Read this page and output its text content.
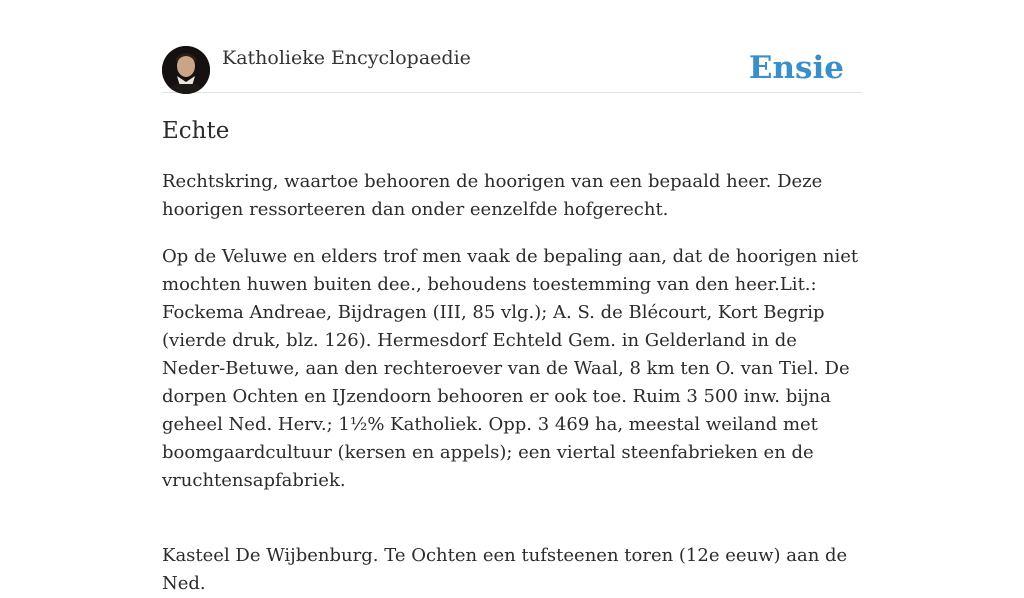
Katholieke Encyclopaedie	Ensie
Echte

Rechtskring, waartoe behooren de hoorigen van een bepaald heer. Deze hoorigen ressorteeren dan onder eenzelfde hofgerecht.

Op de Veluwe en elders trof men vaak de bepaling aan, dat de hoorigen niet mochten huwen buiten dee., behoudens toestemming van den heer.Lit.: Fockema Andreae, Bijdragen (III, 85 vlg.); A. S. de Blécourt, Kort Begrip (vierde druk, blz. 126). Hermesdorf Echteld Gem. in Gelderland in de Neder-Betuwe, aan den rechteroever van de Waal, 8 km ten O. van Tiel. De dorpen Ochten en IJzendoorn behooren er ook toe. Ruim 3 500 inw. bijna geheel Ned. Herv.; 1½% Katholiek. Opp. 3 469 ha, meestal weiland met boomgaardcultuur (kersen en appels); een viertal steenfabrieken en de vruchtensapfabriek.

Kasteel De Wijbenburg. Te Ochten een tufsteenen toren (12e eeuw) aan de Ned.
